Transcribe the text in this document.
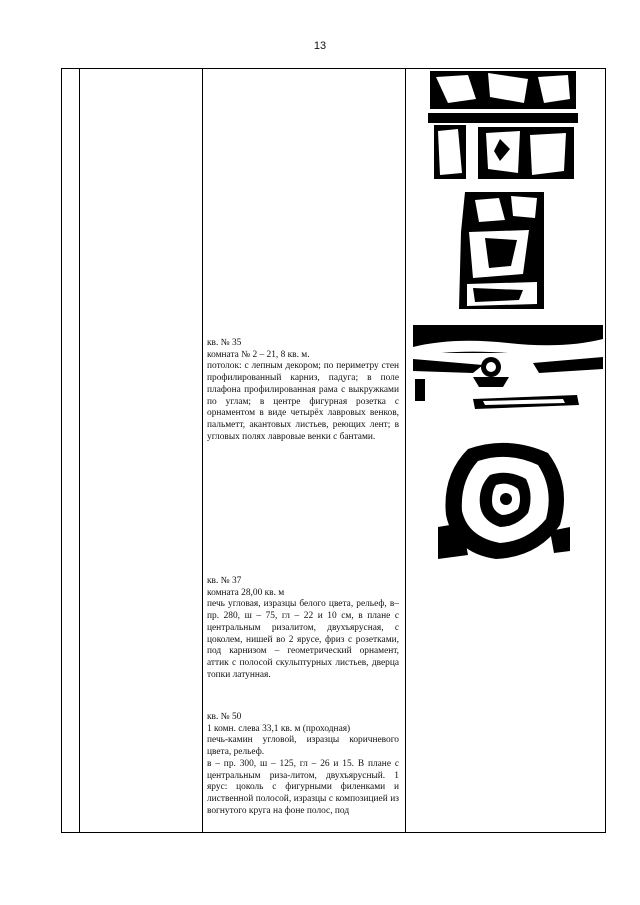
13

кв. № 35

комната № 2 – 21, 8 кв. м.

потолок: с лепным декором; по периметру стен профилированный карниз, падуга; в поле плафона профилированная рама с выкружками по углам; в центре фигурная розетка с орнаментом в виде четырёх лавровых венков, пальметт, акантовых листьев, реющих лент; в угловых полях лавровые венки с бантами.

кв. № 37

комната 28,00 кв. м

печь угловая, изразцы белого цвета, рельеф, в– пр. 280, ш – 75, гл – 22 и 10 см, в плане с центральным ризалитом, двухъярусная, с цоколем, нишей во 2 ярусе, фриз с розетками, под карнизом – геометрический орнамент, аттик с полосой скульптурных листьев, дверца топки латунная.

кв. № 50

1 комн. слева 33,1 кв. м (проходная)

печь-камин угловой, изразцы коричневого цвета, рельеф.

в – пр. 300, ш – 125, гл – 26 и 15. В плане с центральным риза-литом, двухъярусный. 1 ярус: цоколь с фигурными филенками и лиственной полосой, изразцы с композицией из вогнутого круга на фоне полос, под
